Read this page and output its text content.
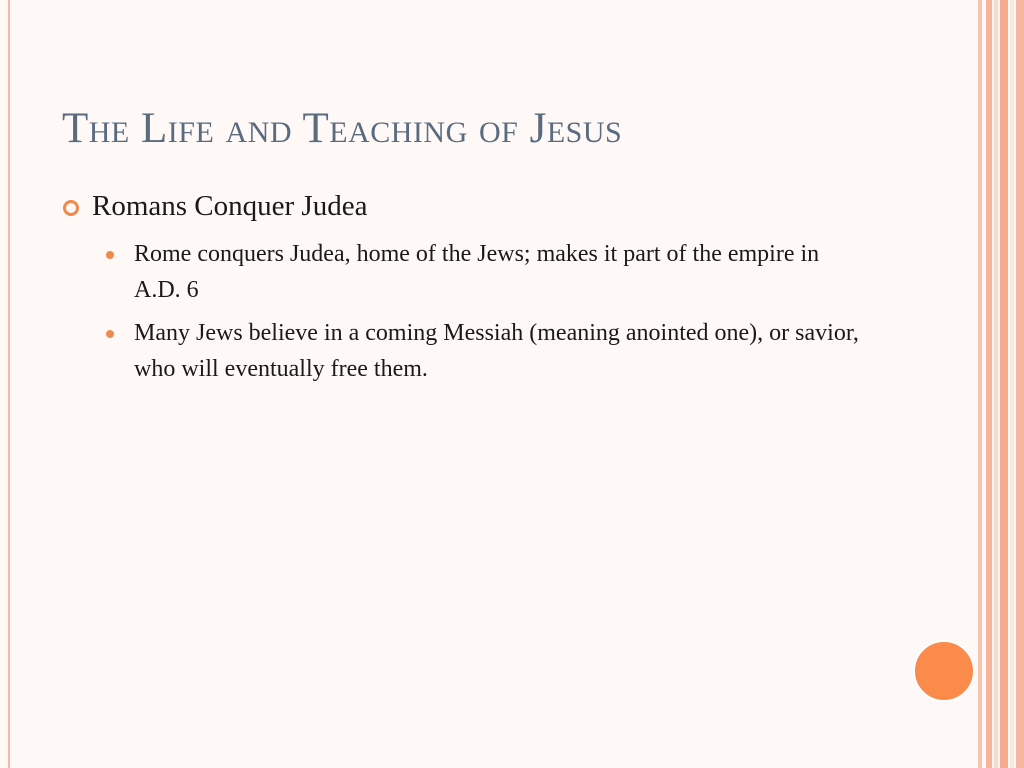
The Life and Teaching of Jesus
Romans Conquer Judea
Rome conquers Judea, home of the Jews; makes it part of the empire in A.D. 6
Many Jews believe in a coming Messiah (meaning anointed one), or savior, who will eventually free them.
